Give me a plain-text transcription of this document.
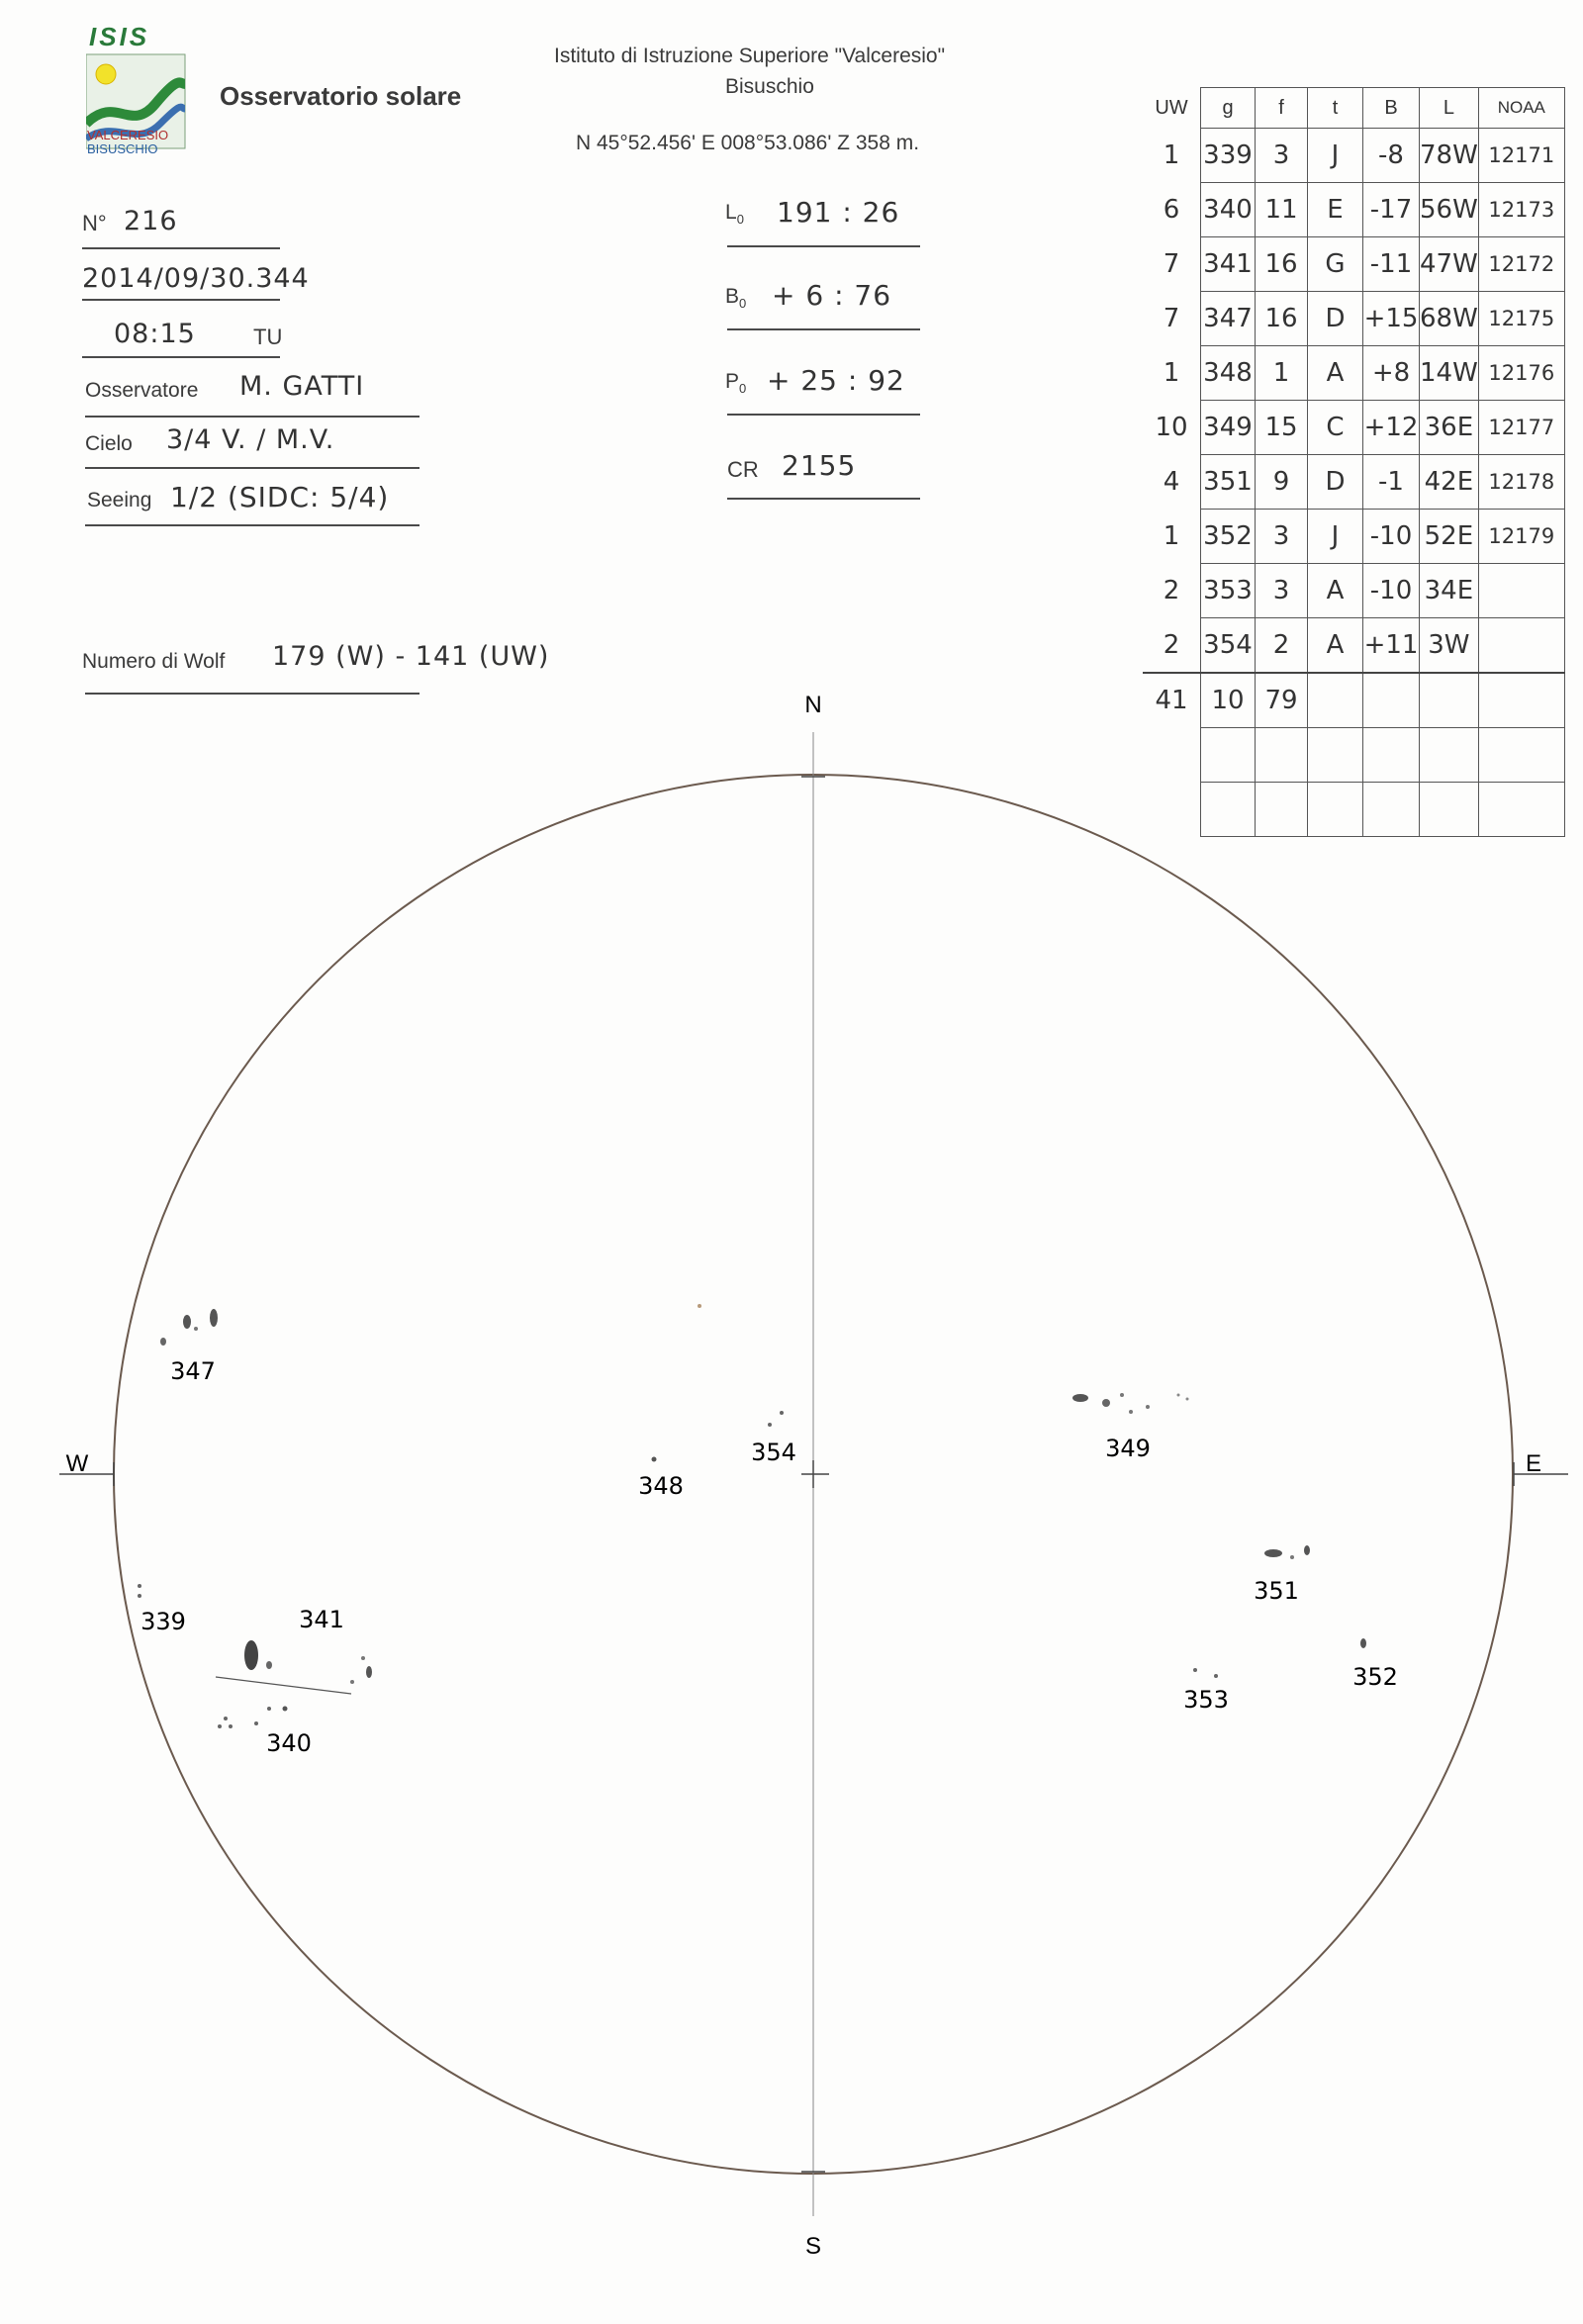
ISIS
VALCERESIO
BISUSCHIO
Osservatorio solare
Istituto di Istruzione Superiore "Valceresio"
Bisuschio
N 45°52.456' E 008°53.086' Z 358 m.
N° 216
2014/09/30.344
08:15	TU
Osservatore M. GATTI
Cielo 3/4 V. / M.V.
Seeing 1/2 (SIDC: 5/4)
Numero di Wolf 179 (W) - 141 (UW)
$L_0$ 191 : 26
$B_0 + 6$ : 76
$P_0 + 25$ : 92
CR 2155
UW	g	f	t	B	L	NOAA
1	339	3	J	-8	78W	12171
6	340	11	E	-17	56W	12173
7	341	16	G	-11	47W	12172
7	347	16	D	+15	68W	12175
1	348	1	A	+8	14W	12176
10	349	15	C	+12	36E	12177
4	351	9	D	-1	42E	12178
1	352	3	J	-10	52E	12179
2	353	3	A	-10	34E	
2	354	2	A	+11	3W	
41	10	79				

N
S
W	E
347
354
348
349
351
339	341
340
352
353
